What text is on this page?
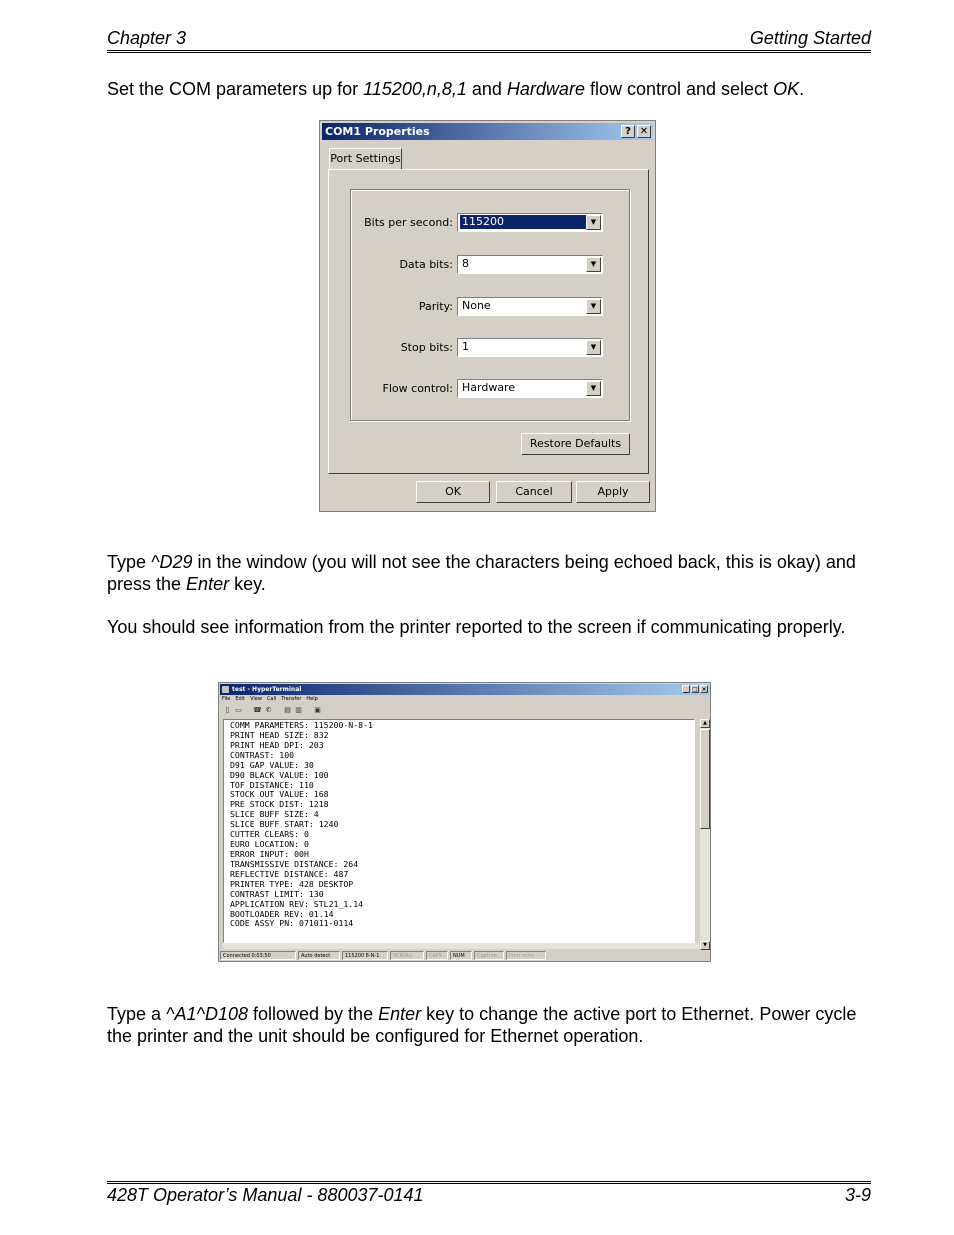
Chapter 3	Getting Started
Set the COM parameters up for 115200,n,8,1 and Hardware flow control and select OK.
COM1 Properties	? ✕
Port Settings
Bits per second: 115200	▼
Data bits: 8	▼
Parity: None	▼
Stop bits: 1	▼
Flow control: Hardware	▼
Restore Defaults
OK	Cancel	Apply
Type ^D29 in the window (you will not see the characters being echoed back, this is okay) and press the Enter key.
You should see information from the printer reported to the screen if communicating properly.
test - HyperTerminal	_ □ ×
File Edit View Call Transfer Help
▯ ▭ ☎ ✆ ▤ ▥ ▣
COMM PARAMETERS: 115200-N-8-1
PRINT HEAD SIZE: 832
PRINT HEAD DPI: 203
CONTRAST: 100
D91 GAP VALUE: 30
D90 BLACK VALUE: 100
TOF DISTANCE: 110
STOCK OUT VALUE: 168
PRE STOCK DIST: 1218
SLICE BUFF SIZE: 4
SLICE BUFF START: 1240
CUTTER CLEARS: 0
EURO LOCATION: 0
ERROR INPUT: 00H
TRANSMISSIVE DISTANCE: 264
REFLECTIVE DISTANCE: 487
PRINTER TYPE: 428 DESKTOP
CONTRAST LIMIT: 130
APPLICATION REV: STL21_1.14
BOOTLOADER REV: 01.14
CODE ASSY PN: 071011-0114
▲
▼
Connected 0:03:50	Auto detect	115200 8-N-1	SCROLL	CAPS	NUM	Capture	Print echo
Type a ^A1^D108 followed by the Enter key to change the active port to Ethernet. Power cycle the printer and the unit should be configured for Ethernet operation.
428T Operator’s Manual - 880037-0141	3-9
